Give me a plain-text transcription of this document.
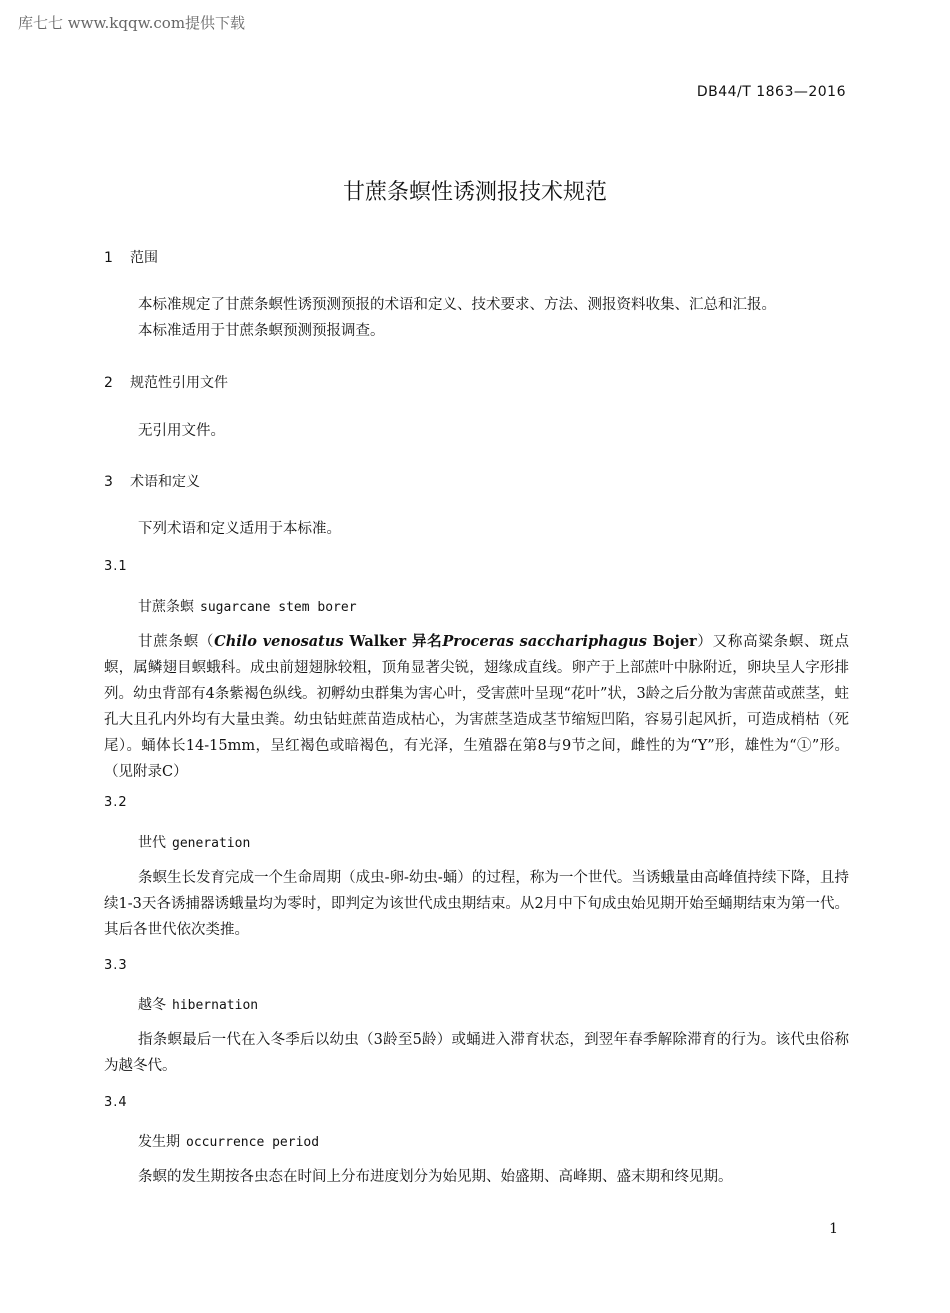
库七七 www.kqqw.com提供下载
DB44/T 1863—2016
甘蔗条螟性诱测报技术规范
1 范围
本标准规定了甘蔗条螟性诱预测预报的术语和定义、技术要求、方法、测报资料收集、汇总和汇报。
本标准适用于甘蔗条螟预测预报调查。
2 规范性引用文件
无引用文件。
3 术语和定义
下列术语和定义适用于本标准。
3.1
甘蔗条螟 sugarcane stem borer
甘蔗条螟（Chilo venosatus Walker 异名Proceras sacchariphagus Bojer）又称高粱条螟、斑点螟，属鳞翅目螟蛾科。成虫前翅翅脉较粗，顶角显著尖锐，翅缘成直线。卵产于上部蔗叶中脉附近，卵块呈人字形排列。幼虫背部有4条紫褐色纵线。初孵幼虫群集为害心叶，受害蔗叶呈现“花叶”状，3龄之后分散为害蔗苗或蔗茎，蛀孔大且孔内外均有大量虫粪。幼虫钻蛀蔗苗造成枯心，为害蔗茎造成茎节缩短凹陷，容易引起风折，可造成梢枯（死尾）。蛹体长14-15mm，呈红褐色或暗褐色，有光泽，生殖器在第8与9节之间，雌性的为“Y”形，雄性为“①”形。（见附录C）
3.2
世代 generation
条螟生长发育完成一个生命周期（成虫-卵-幼虫-蛹）的过程，称为一个世代。当诱蛾量由高峰值持续下降，且持续1-3天各诱捕器诱蛾量均为零时，即判定为该世代成虫期结束。从2月中下旬成虫始见期开始至蛹期结束为第一代。其后各世代依次类推。
3.3
越冬 hibernation
指条螟最后一代在入冬季后以幼虫（3龄至5龄）或蛹进入滞育状态，到翌年春季解除滞育的行为。该代虫俗称为越冬代。
3.4
发生期 occurrence period
条螟的发生期按各虫态在时间上分布进度划分为始见期、始盛期、高峰期、盛末期和终见期。
1
